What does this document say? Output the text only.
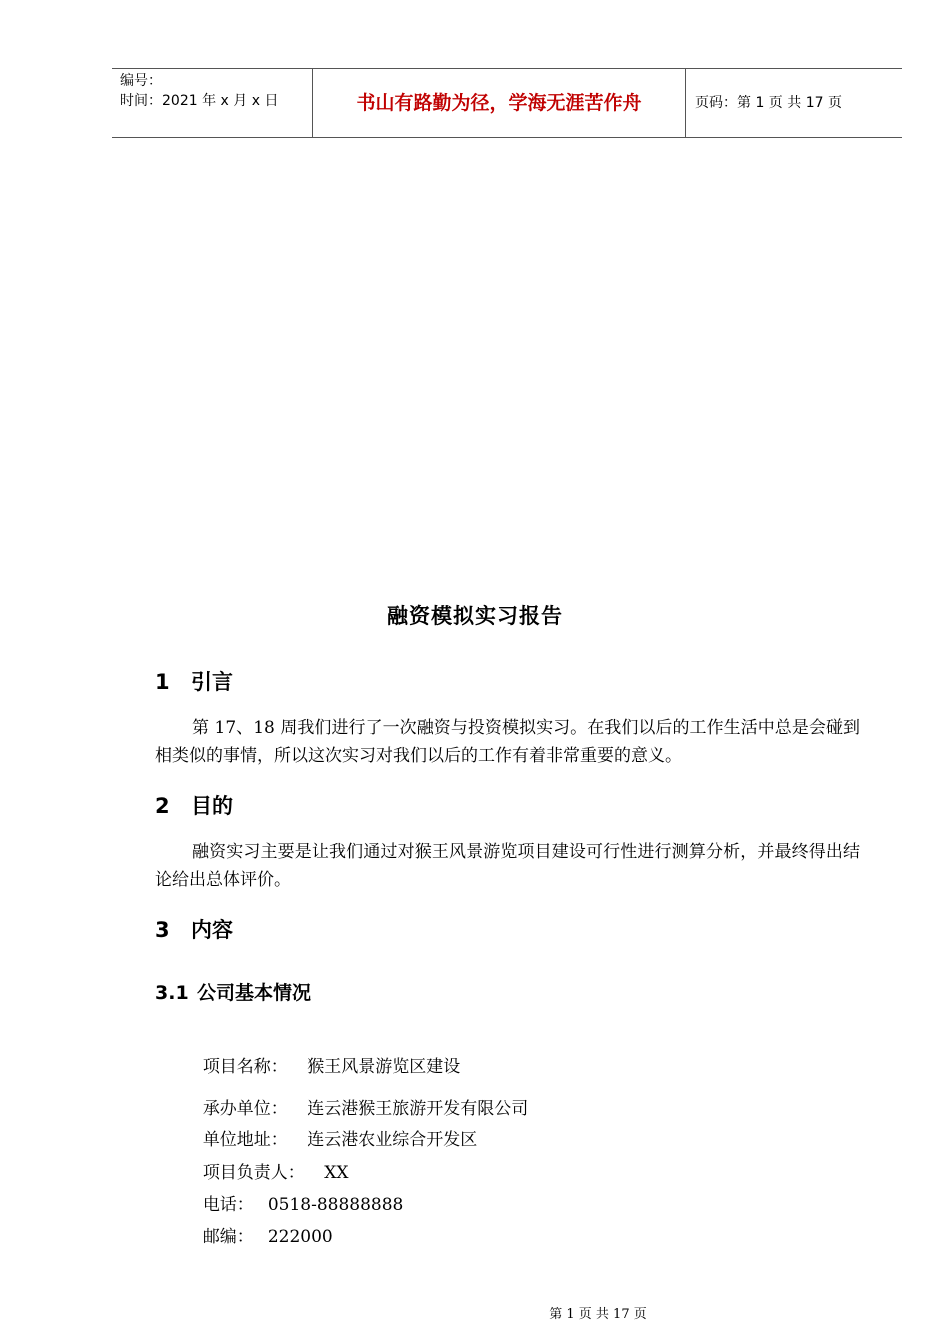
编号：
时间：2021 年 x 月 x 日	书山有路勤为径，学海无涯苦作舟	页码：第 1 页 共 17 页
融资模拟实习报告
1 引言
第 17、18 周我们进行了一次融资与投资模拟实习。在我们以后的工作生活中总是会碰到相类似的事情，所以这次实习对我们以后的工作有着非常重要的意义。
2 目的
融资实习主要是让我们通过对猴王风景游览项目建设可行性进行测算分析，并最终得出结论给出总体评价。
3 内容
3.1 公司基本情况

项目名称： 猴王风景游览区建设

承办单位： 连云港猴王旅游开发有限公司

单位地址： 连云港农业综合开发区

项目负责人： XX

电话： 0518-88888888

邮编： 222000

第 1 页 共 17 页
